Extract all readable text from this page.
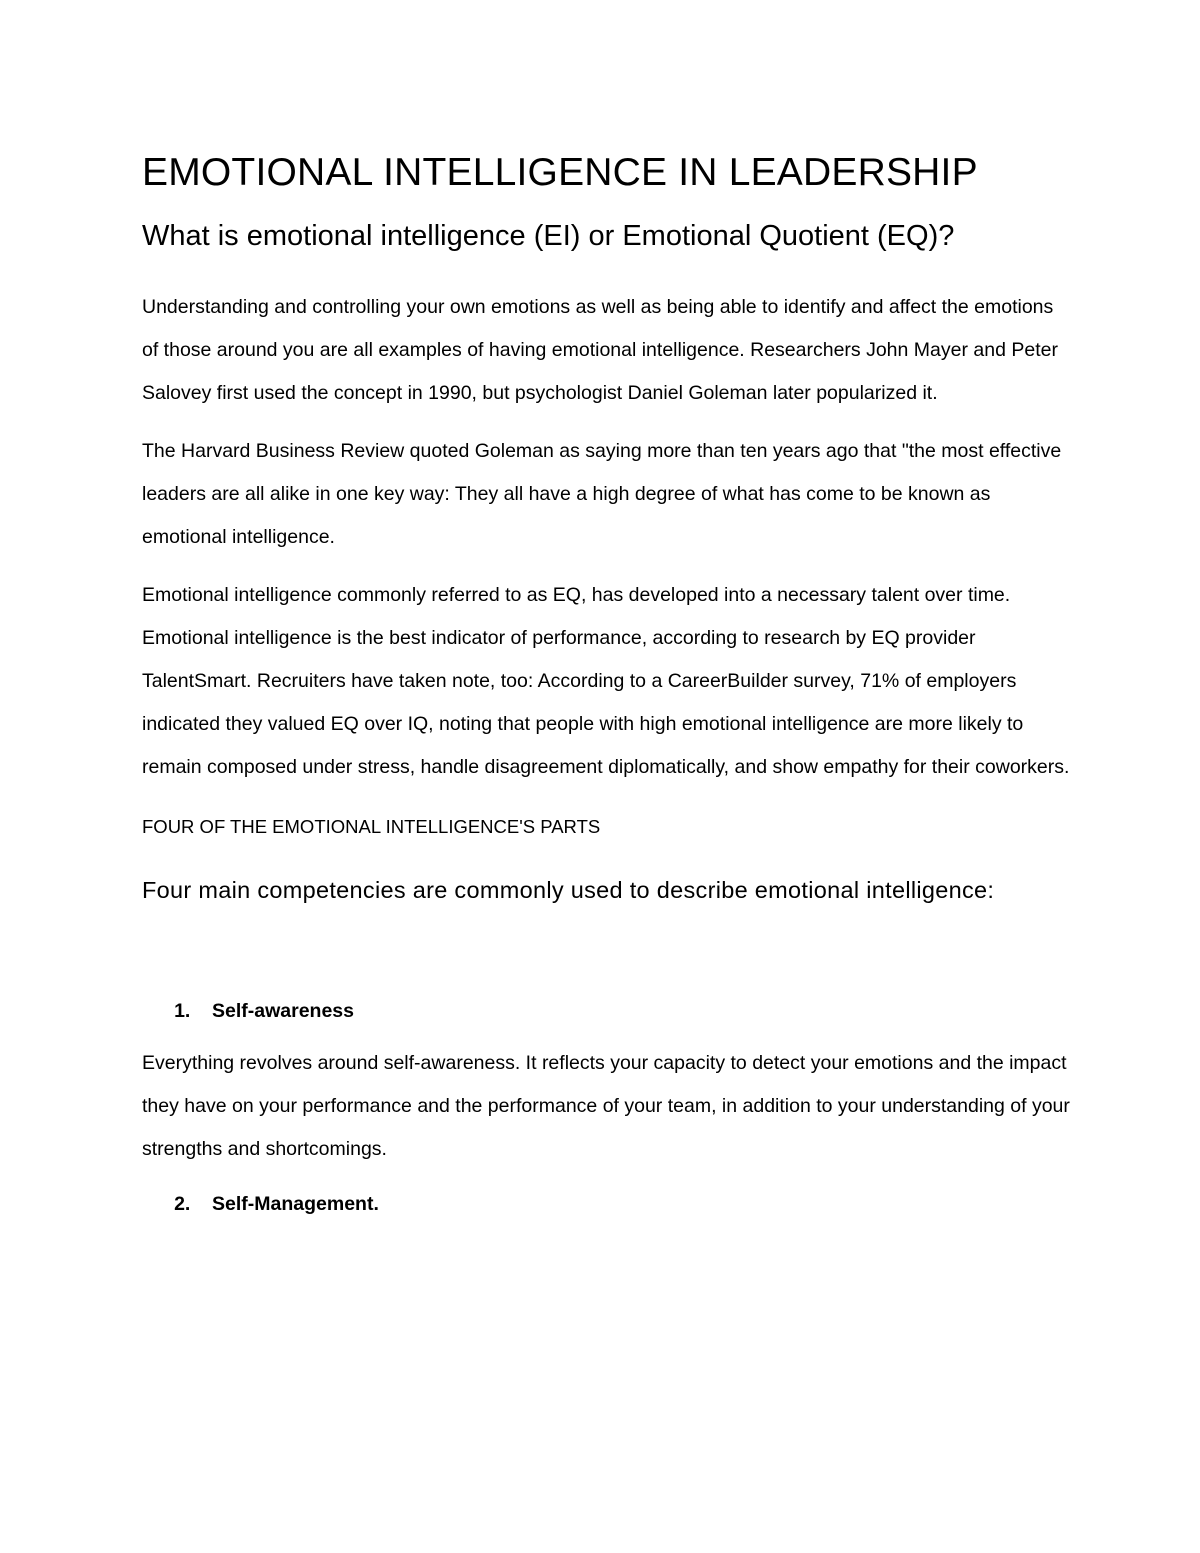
EMOTIONAL INTELLIGENCE IN LEADERSHIP
What is emotional intelligence (EI) or Emotional Quotient (EQ)?

Understanding and controlling your own emotions as well as being able to identify and affect the emotions of those around you are all examples of having emotional intelligence. Researchers John Mayer and Peter Salovey first used the concept in 1990, but psychologist Daniel Goleman later popularized it.

The Harvard Business Review quoted Goleman as saying more than ten years ago that "the most effective leaders are all alike in one key way: They all have a high degree of what has come to be known as emotional intelligence.

Emotional intelligence commonly referred to as EQ, has developed into a necessary talent over time. Emotional intelligence is the best indicator of performance, according to research by EQ provider TalentSmart. Recruiters have taken note, too: According to a CareerBuilder survey, 71% of employers indicated they valued EQ over IQ, noting that people with high emotional intelligence are more likely to remain composed under stress, handle disagreement diplomatically, and show empathy for their coworkers.

FOUR OF THE EMOTIONAL INTELLIGENCE'S PARTS

Four main competencies are commonly used to describe emotional intelligence:

1.	Self-awareness

Everything revolves around self-awareness. It reflects your capacity to detect your emotions and the impact they have on your performance and the performance of your team, in addition to your understanding of your strengths and shortcomings.

2.	Self-Management.
